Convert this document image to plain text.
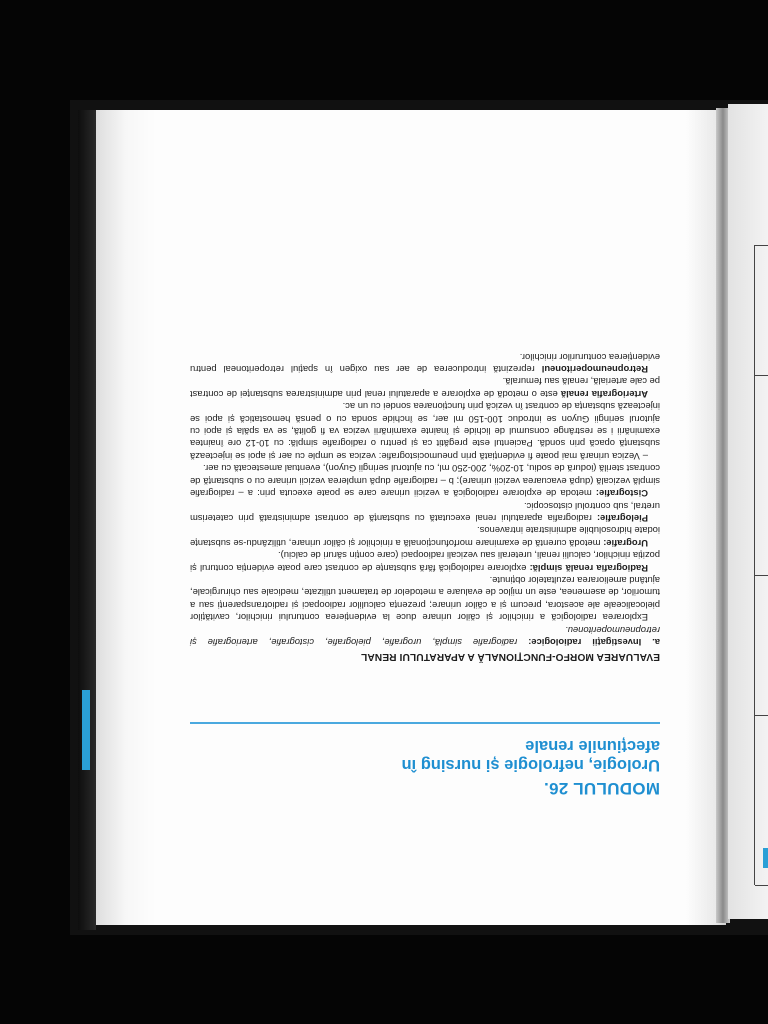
MODULUL 26.
Urologie, nefrologie și nursing în afecțiunile renale
EVALUAREA MORFO-FUNCȚIONALĂ A APARATULUI RENAL

a. Investigații radiologice: radiografie simplă, urografie, pielografie, cistografie, arteriografie și retropneumoperitoneu.

Explorarea radiologică a rinichilor și căilor urinare duce la evidențierea conturului rinichilor, cavităților pielocaliceale ale acestora, precum și a căilor urinare; prezența calculilor radioopaci și radiotransparenți sau a tumorilor, de asemenea, este un mijloc de evaluare a metodelor de tratament utilizate, medicale sau chirurgicale, ajutând ameliorarea rezultatelor obținute.

Radiografia renală simplă: explorare radiologică fără substanțe de contrast care poate evidenția conturul și poziția rinichilor, calculii renali, ureterali sau vezicali radioopaci (care conțin săruri de calciu).

Urografie: metodă curentă de examinare morfofuncțională a rinichilor și căilor urinare, utilizându-se substanțe iodate hidrosolubile administrate intravenos.

Pielografie: radiografia aparatului renal executată cu substanță de contrast administrată prin cateterism uretral, sub controlul cistoscopic.

Cistografie: metoda de explorare radiologică a vezicii urinare care se poate executa prin: a – radiografie simplă vezicală (după evacuarea vezicii urinare); b – radiografie după umplerea vezicii urinare cu o substanță de contrast sterilă (iodură de sodiu, 10-20%, 200-250 ml, cu ajutorul seringii Guyon), eventual amestecată cu aer.

– Vezica urinară mai poate fi evidențiată prin pneumocistografie: vezica se umple cu aer și apoi se injectează substanță opacă prin sondă. Pacientul este pregătit ca și pentru o radiografie simplă: cu 10-12 ore înaintea examinării i se restrânge consumul de lichide și înainte examinării vezica va fi golită, se va spăla și apoi cu ajutorul seringii Guyon se introduc 100-150 ml aer, se închide sonda cu o pensă hemostatică și apoi se injectează substanța de contrast în vezică prin funcționarea sondei cu un ac.

Arteriografia renală este o metodă de explorare a aparatului renal prin administrarea substanței de contrast pe cale arterială, renală sau femurală.

Retropneumoperitoneul reprezintă introducerea de aer sau oxigen în spațiul retroperitoneal pentru evidențierea contururilor rinichilor.
